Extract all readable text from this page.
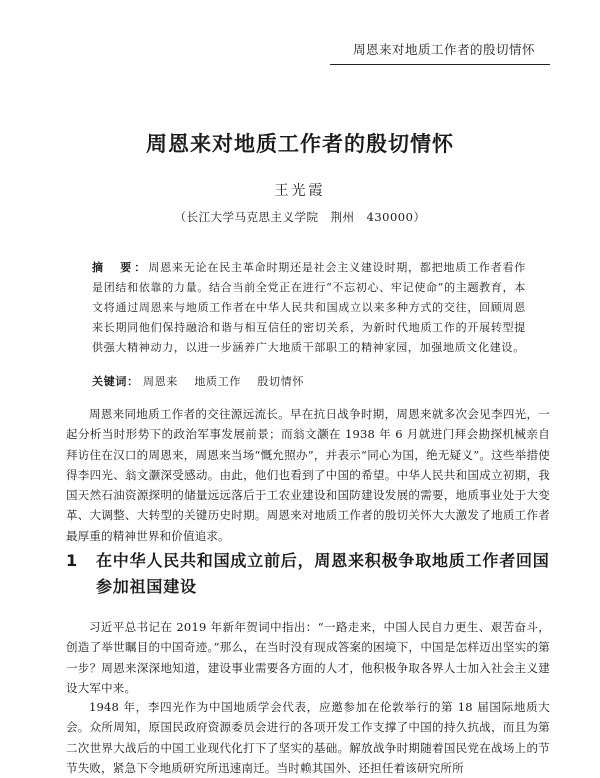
周恩来对地质工作者的殷切情怀
周恩来对地质工作者的殷切情怀
王光霞
（长江大学马克思主义学院　荆州　430000）
摘　要：周恩来无论在民主革命时期还是社会主义建设时期，都把地质工作者看作是团结和依靠的力量。结合当前全党正在进行“不忘初心、牢记使命”的主题教育，本文将通过周恩来与地质工作者在中华人民共和国成立以来多种方式的交往，回顾周恩来长期同他们保持融洽和谐与相互信任的密切关系，为新时代地质工作的开展转型提供强大精神动力，以进一步涵养广大地质干部职工的精神家园，加强地质文化建设。
关键词： 周恩来 地质工作 殷切情怀

周恩来同地质工作者的交往源远流长。早在抗日战争时期，周恩来就多次会见李四光，一起分析当时形势下的政治军事发展前景；而翁文灏在 1938 年 6 月就进门拜会勘探机械亲自拜访住在汉口的周恩来，周恩来当场“慨允照办”，并表示“同心为国，绝无疑义”。这些举措使得李四光、翁文灏深受感动。由此，他们也看到了中国的希望。中华人民共和国成立初期，我国天然石油资源探明的储量远远落后于工农业建设和国防建设发展的需要，地质事业处于大变革、大调整、大转型的关键历史时期。周恩来对地质工作者的殷切关怀大大激发了地质工作者最厚重的精神世界和价值追求。

1 在中华人民共和国成立前后，周恩来积极争取地质工作者回国参加祖国建设

习近平总书记在 2019 年新年贺词中指出：“一路走来，中国人民自力更生、艰苦奋斗，创造了举世瞩目的中国奇迹。”那么，在当时没有现成答案的困境下，中国是怎样迈出坚实的第一步？周恩来深深地知道，建设事业需要各方面的人才，他积极争取各界人士加入社会主义建设大军中来。

1948 年，李四光作为中国地质学会代表，应邀参加在伦敦举行的第 18 届国际地质大会。众所周知，原国民政府资源委员会进行的各项开发工作支撑了中国的持久抗战，而且为第二次世界大战后的中国工业现代化打下了坚实的基础。解放战争时期随着国民党在战场上的节节失败，紧急下令地质研究所迅速南迁。当时赖其国外、还担任着该研究所所
